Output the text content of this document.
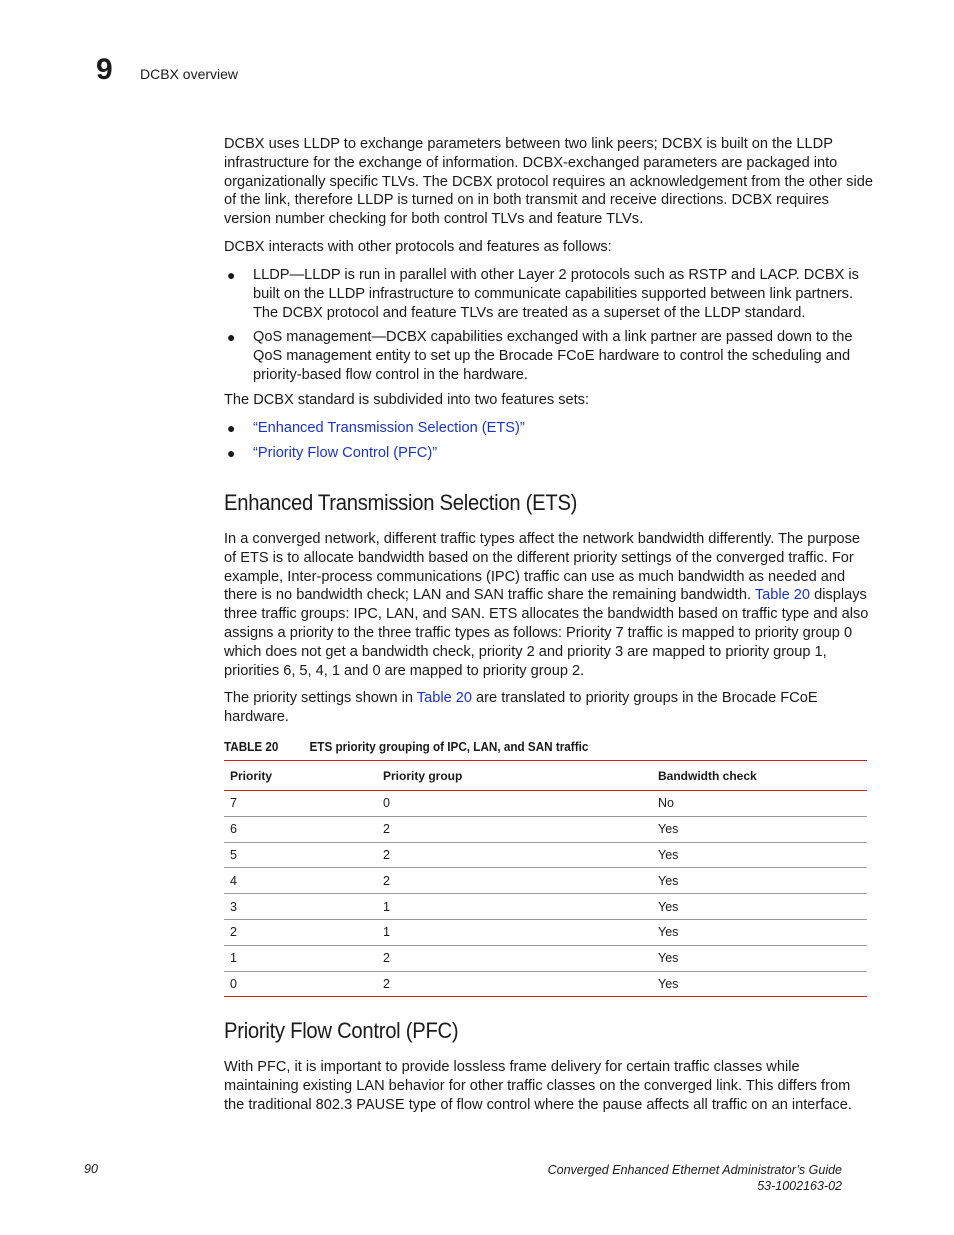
9 DCBX overview

DCBX uses LLDP to exchange parameters between two link peers; DCBX is built on the LLDP infrastructure for the exchange of information. DCBX-exchanged parameters are packaged into organizationally specific TLVs. The DCBX protocol requires an acknowledgement from the other side of the link, therefore LLDP is turned on in both transmit and receive directions. DCBX requires version number checking for both control TLVs and feature TLVs.

DCBX interacts with other protocols and features as follows:

● LLDP—LLDP is run in parallel with other Layer 2 protocols such as RSTP and LACP. DCBX is built on the LLDP infrastructure to communicate capabilities supported between link partners. The DCBX protocol and feature TLVs are treated as a superset of the LLDP standard.
● QoS management—DCBX capabilities exchanged with a link partner are passed down to the QoS management entity to set up the Brocade FCoE hardware to control the scheduling and priority-based flow control in the hardware.

The DCBX standard is subdivided into two features sets:

● “Enhanced Transmission Selection (ETS)”
● “Priority Flow Control (PFC)”
Enhanced Transmission Selection (ETS)

In a converged network, different traffic types affect the network bandwidth differently. The purpose of ETS is to allocate bandwidth based on the different priority settings of the converged traffic. For example, Inter-process communications (IPC) traffic can use as much bandwidth as needed and there is no bandwidth check; LAN and SAN traffic share the remaining bandwidth. Table 20 displays three traffic groups: IPC, LAN, and SAN. ETS allocates the bandwidth based on traffic type and also assigns a priority to the three traffic types as follows: Priority 7 traffic is mapped to priority group 0 which does not get a bandwidth check, priority 2 and priority 3 are mapped to priority group 1, priorities 6, 5, 4, 1 and 0 are mapped to priority group 2.

The priority settings shown in Table 20 are translated to priority groups in the Brocade FCoE hardware.

TABLE 20 ETS priority grouping of IPC, LAN, and SAN traffic
Priority	Priority group	Bandwidth check
7	0	No
6	2	Yes
5	2	Yes
4	2	Yes
3	1	Yes
2	1	Yes
1	2	Yes
0	2	Yes
Priority Flow Control (PFC)

With PFC, it is important to provide lossless frame delivery for certain traffic classes while maintaining existing LAN behavior for other traffic classes on the converged link. This differs from the traditional 802.3 PAUSE type of flow control where the pause affects all traffic on an interface.

90	Converged Enhanced Ethernet Administrator’s Guide
53-1002163-02
